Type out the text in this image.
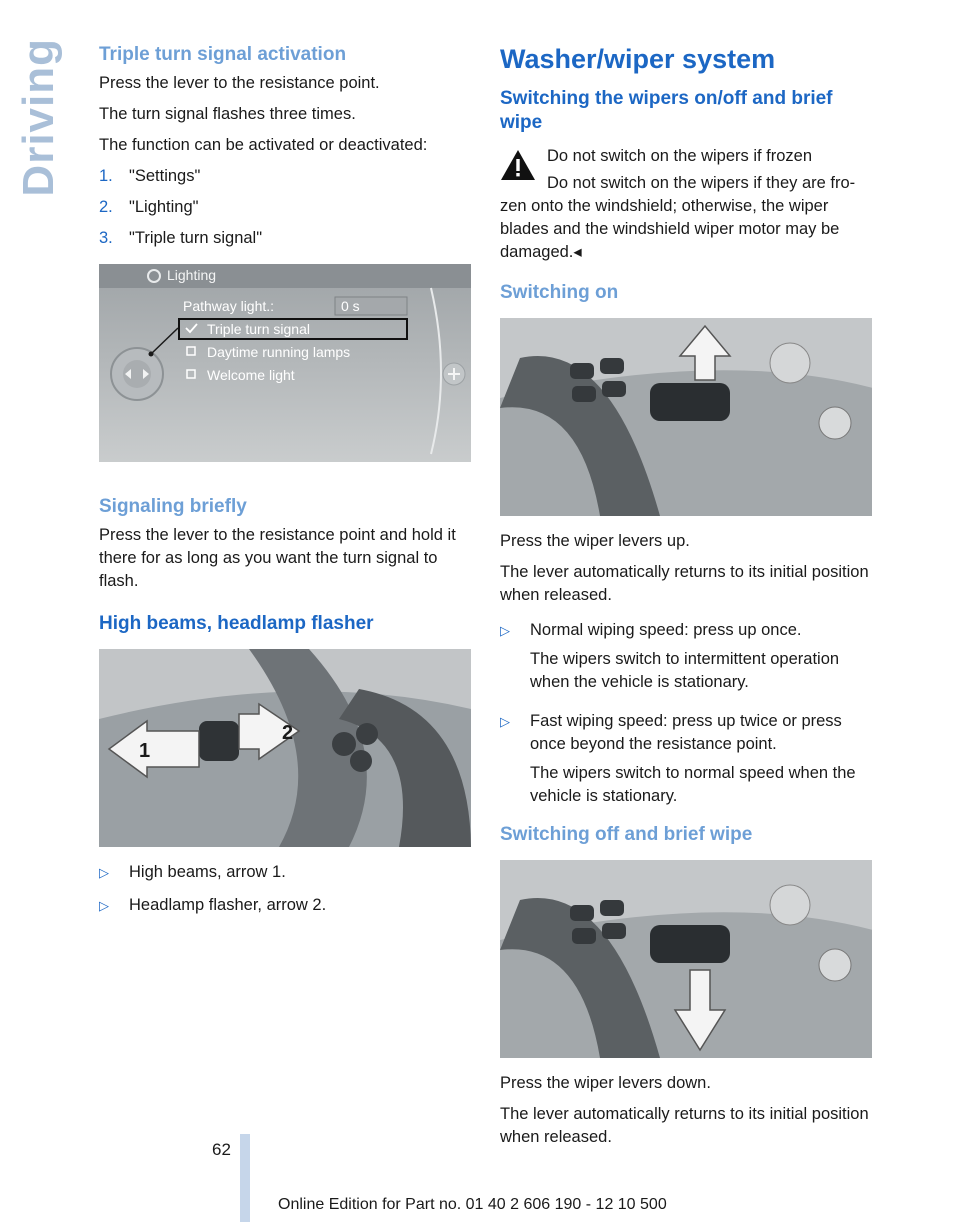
Driving Triple turn signal activation

Press the lever to the resistance point.

The turn signal flashes three times.

The function can be activated or deactivated:

1. "Settings"
2. "Lighting"
3. "Triple turn signal"
Lighting
Pathway light.:	0 s
Triple turn signal
Daytime running lamps
Welcome light
Signaling briefly

Press the lever to the resistance point and hold it there for as long as you want the turn signal to flash.

High beams, headlamp flasher
1
2
▷	High beams, arrow 1.
▷	Headlamp flasher, arrow 2.
Washer/wiper system
Switching the wipers on/off and brief wipe

Do not switch on the wipers if frozen

Do not switch on the wipers if they are frozen onto the windshield; otherwise, the wiper blades and the windshield wiper motor may be damaged.◂

Switching on

Press the wiper levers up.

The lever automatically returns to its initial position when released.

▷	Normal wiping speed: press up once.

The wipers switch to intermittent operation when the vehicle is stationary.

▷	Fast wiping speed: press up twice or press once beyond the resistance point.

The wipers switch to normal speed when the vehicle is stationary.

Switching off and brief wipe

Press the wiper levers down.

The lever automatically returns to its initial position when released.

62
Online Edition for Part no. 01 40 2 606 190 - 12 10 500
